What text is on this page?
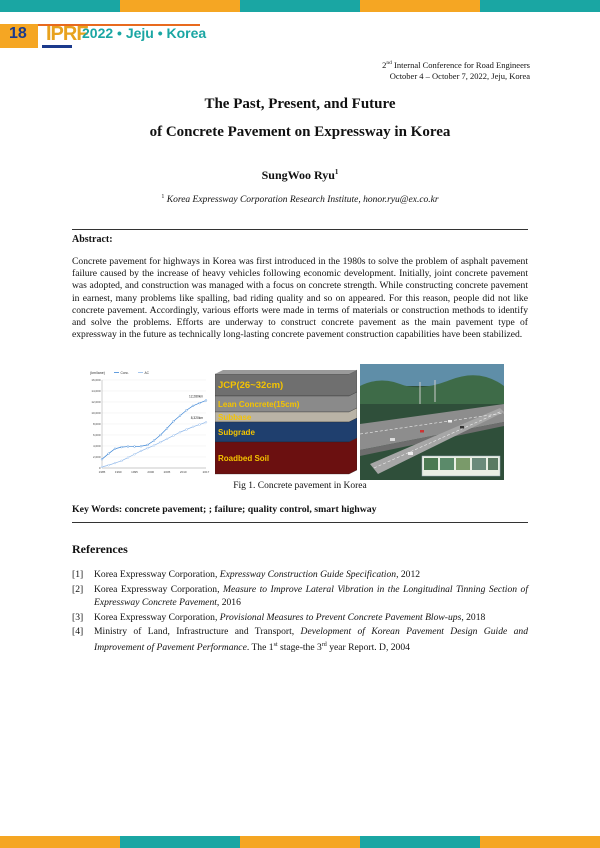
18 IPRF
2022 • Jeju • Korea
2nd Internal Conference for Road Engineers
October 4 – October 7, 2022, Jeju, Korea
The Past, Present, and Future
of Concrete Pavement on Expressway in Korea
SungWoo Ryu$^1$
$^1$ Korea Expressway Corporation Research Institute, honor.ryu@ex.co.kr
Abstract:
Concrete pavement for highways in Korea was first introduced in the 1980s to solve the problem of asphalt pavement failure caused by the increase of heavy vehicles following economic development. Initially, joint concrete pavement was adopted, and construction was managed with a focus on concrete strength. While constructing concrete pavement in earnest, many problems like spalling, bad riding quality and so on appeared. For this reason, people did not like concrete pavement. Accordingly, various efforts were made in terms of materials or construction methods to identify and solve the problems. Efforts are underway to construct concrete pavement as the main pavement type of expressway in the future as technically long-lasting concrete pavement construction capabilities have been stabilized.
(km/lane)	Conc.	AC
0
2,000
4,000
6,000
8,000
10,000
12,000
14,000
16,000
1985	1990	1995	2000	2005	2010	2017
12,280km
8,320km
JCP(26~32cm)
Lean Concrete(15cm)
Subbase
Subgrade
Roadbed Soil
Fig 1. Concrete pavement in Korea
Key Words: concrete pavement; ; failure; quality control, smart highway
References
[1]	Korea Expressway Corporation, Expressway Construction Guide Specification, 2012
[2]	Korea Expressway Corporation, Measure to Improve Lateral Vibration in the Longitudinal Tinning Section of Expressway Concrete Pavement, 2016
[3]	Korea Expressway Corporation, Provisional Measures to Prevent Concrete Pavement Blow-ups, 2018
[4]	Ministry of Land, Infrastructure and Transport, Development of Korean Pavement Design Guide and Improvement of Pavement Performance. The 1st stage-the 3rd year Report. D, 2004
